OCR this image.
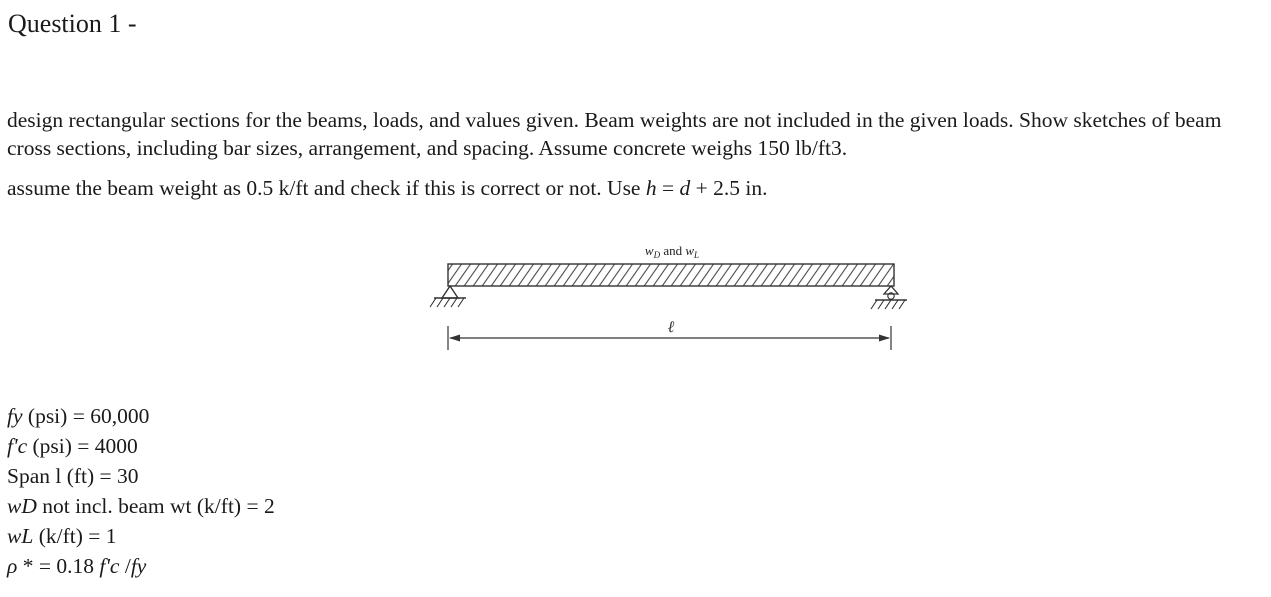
Question 1 -

design rectangular sections for the beams, loads, and values given. Beam weights are not included in the given loads. Show sketches of beam cross sections, including bar sizes, arrangement, and spacing. Assume concrete weighs 150 lb/ft3.

assume the beam weight as 0.5 k/ft and check if this is correct or not. Use h = d + 2.5 in.

$w_D$ and $w_L$
ℓ
fy (psi) = 60,000
f'c (psi) = 4000
Span l (ft) = 30
wD not incl. beam wt (k/ft) = 2
wL (k/ft) = 1
ρ * = 0.18 f'c /fy
